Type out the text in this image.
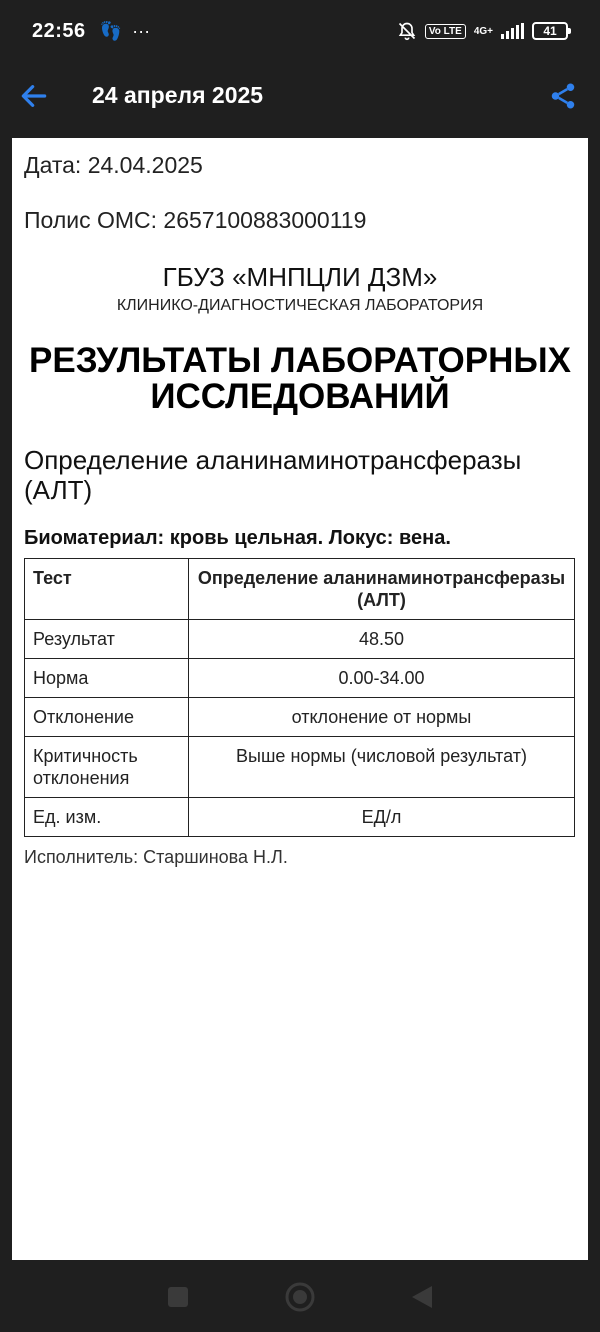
22:56 👣 ···	Vo LTE	4G+	41
24 апреля 2025
Дата: 24.04.2025
Полис ОМС: 2657100883000119
ГБУЗ «МНПЦЛИ ДЗМ»
КЛИНИКО-ДИАГНОСТИЧЕСКАЯ ЛАБОРАТОРИЯ
РЕЗУЛЬТАТЫ ЛАБОРАТОРНЫХ ИССЛЕДОВАНИЙ
Определение аланинаминотрансферазы (АЛТ)
Биоматериал: кровь цельная. Локус: вена.
Тест	Определение аланинаминотрансферазы (АЛТ)
Результат	48.50
Норма	0.00-34.00
Отклонение	отклонение от нормы
Критичность отклонения	Выше нормы (числовой результат)
Ед. изм.	ЕД/л
Исполнитель: Старшинова Н.Л.
